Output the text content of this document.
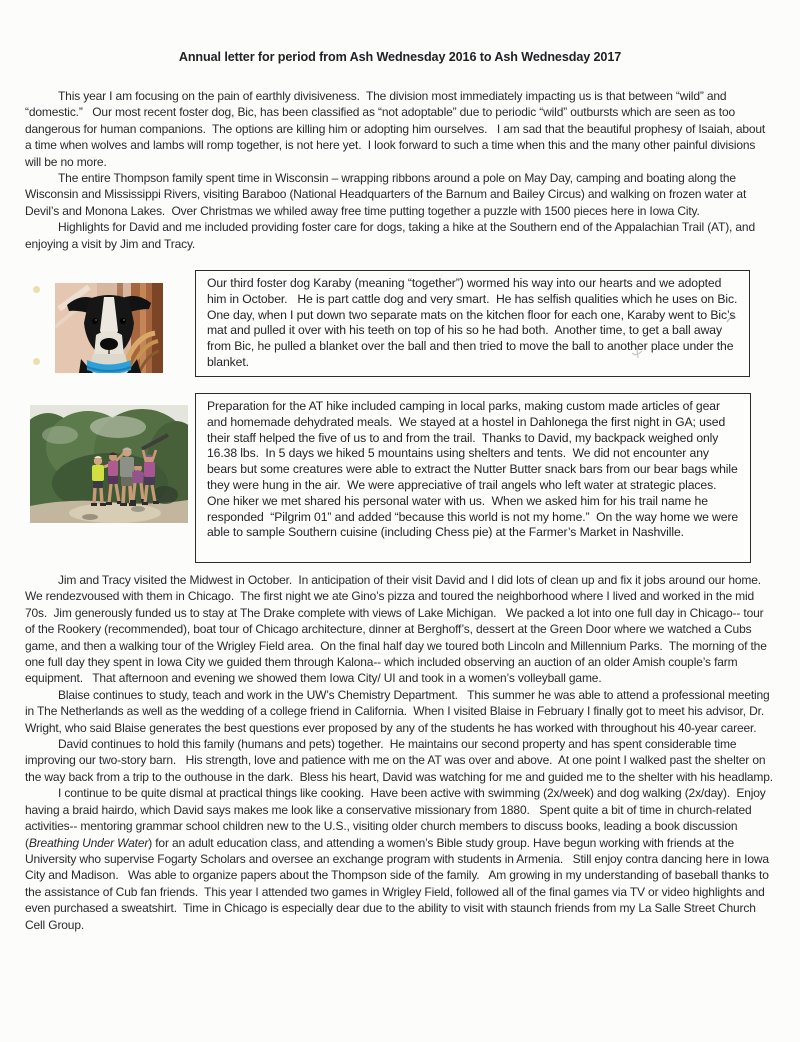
Annual letter for period from Ash Wednesday 2016 to Ash Wednesday 2017

This year I am focusing on the pain of earthly divisiveness.  The division most immediately impacting us is that between “wild” and “domestic.”   Our most recent foster dog, Bic, has been classified as “not adoptable” due to periodic “wild” outbursts which are seen as too dangerous for human companions.  The options are killing him or adopting him ourselves.   I am sad that the beautiful prophesy of Isaiah, about a time when wolves and lambs will romp together, is not here yet.  I look forward to such a time when this and the many other painful divisions will be no more.

The entire Thompson family spent time in Wisconsin – wrapping ribbons around a pole on May Day, camping and boating along the Wisconsin and Mississippi Rivers, visiting Baraboo (National Headquarters of the Barnum and Bailey Circus) and walking on frozen water at Devil’s and Monona Lakes.  Over Christmas we whiled away free time putting together a puzzle with 1500 pieces here in Iowa City.

Highlights for David and me included providing foster care for dogs, taking a hike at the Southern end of the Appalachian Trail (AT), and enjoying a visit by Jim and Tracy.

Our third foster dog Karaby (meaning “together”) wormed his way into our hearts and we adopted him in October.   He is part cattle dog and very smart.  He has selfish qualities which he uses on Bic.  One day, when I put down two separate mats on the kitchen floor for each one, Karaby went to Bic’s mat and pulled it over with his teeth on top of his so he had both.  Another time, to get a ball away from Bic, he pulled a blanket over the ball and then tried to move the ball to another place under the blanket.
Preparation for the AT hike included camping in local parks, making custom made articles of gear and homemade dehydrated meals.  We stayed at a hostel in Dahlonega the first night in GA; used their staff helped the five of us to and from the trail.  Thanks to David, my backpack weighed only 16.38 lbs.  In 5 days we hiked 5 mountains using shelters and tents.  We did not encounter any bears but some creatures were able to extract the Nutter Butter snack bars from our bear bags while they were hung in the air.  We were appreciative of trail angels who left water at strategic places.   One hiker we met shared his personal water with us.  When we asked him for his trail name he responded  “Pilgrim 01” and added “because this world is not my home.”  On the way home we were able to sample Southern cuisine (including Chess pie) at the Farmer’s Market in Nashville.

Jim and Tracy visited the Midwest in October.  In anticipation of their visit David and I did lots of clean up and fix it jobs around our home.  We rendezvoused with them in Chicago.  The first night we ate Gino’s pizza and toured the neighborhood where I lived and worked in the mid 70s.  Jim generously funded us to stay at The Drake complete with views of Lake Michigan.   We packed a lot into one full day in Chicago-- tour of the Rookery (recommended), boat tour of Chicago architecture, dinner at Berghoff’s, dessert at the Green Door where we watched a Cubs game, and then a walking tour of the Wrigley Field area.  On the final half day we toured both Lincoln and Millennium Parks.  The morning of the one full day they spent in Iowa City we guided them through Kalona-- which included observing an auction of an older Amish couple’s farm equipment.   That afternoon and evening we showed them Iowa City/ UI and took in a women’s volleyball game.

Blaise continues to study, teach and work in the UW’s Chemistry Department.   This summer he was able to attend a professional meeting in The Netherlands as well as the wedding of a college friend in California.  When I visited Blaise in February I finally got to meet his advisor, Dr. Wright, who said Blaise generates the best questions ever proposed by any of the students he has worked with throughout his 40-year career.

David continues to hold this family (humans and pets) together.  He maintains our second property and has spent considerable time improving our two-story barn.   His strength, love and patience with me on the AT was over and above.  At one point I walked past the shelter on the way back from a trip to the outhouse in the dark.  Bless his heart, David was watching for me and guided me to the shelter with his headlamp.

I continue to be quite dismal at practical things like cooking.  Have been active with swimming (2x/week) and dog walking (2x/day).  Enjoy having a braid hairdo, which David says makes me look like a conservative missionary from 1880.   Spent quite a bit of time in church-related activities-- mentoring grammar school children new to the U.S., visiting older church members to discuss books, leading a book discussion (Breathing Under Water) for an adult education class, and attending a women’s Bible study group. Have begun working with friends at the University who supervise Fogarty Scholars and oversee an exchange program with students in Armenia.   Still enjoy contra dancing here in Iowa City and Madison.   Was able to organize papers about the Thompson side of the family.   Am growing in my understanding of baseball thanks to the assistance of Cub fan friends.  This year I attended two games in Wrigley Field, followed all of the final games via TV or video highlights and even purchased a sweatshirt.  Time in Chicago is especially dear due to the ability to visit with staunch friends from my La Salle Street Church Cell Group.
